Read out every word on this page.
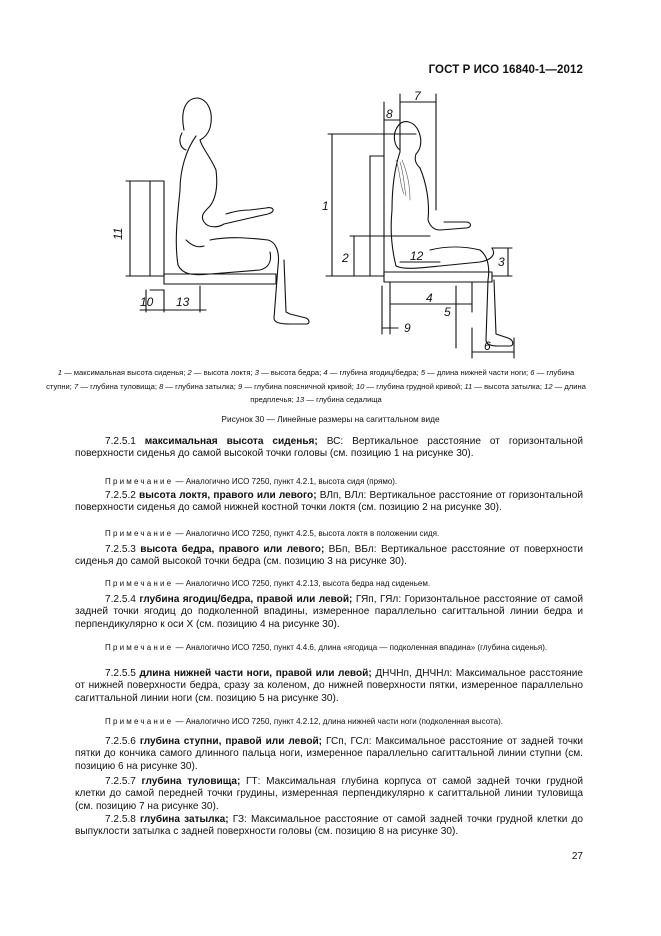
ГОСТ Р ИСО 16840-1—2012
11
10 13
7
8
1
2	12	3
4
5
9
6
1 — максимальная высота сиденья; 2 — высота локтя; 3 — высота бедра; 4 — глубина ягодиц/бедра; 5 — длина нижней части ноги; 6 — глубина ступни; 7 — глубина туловища; 8 — глубина затылка; 9 — глубина поясничной кривой; 10 — глубина грудной кривой; 11 — высота затылка; 12 — длина предплечья; 13 — глубина седалища
Рисунок 30 — Линейные размеры на сагиттальном виде
7.2.5.1 максимальная высота сиденья; ВС: Вертикальное расстояние от горизонтальной поверхности сиденья до самой высокой точки головы (см. позицию 1 на рисунке 30).
Примечание — Аналогично ИСО 7250, пункт 4.2.1, высота сидя (прямо).
7.2.5.2 высота локтя, правого или левого; ВЛп, ВЛл: Вертикальное расстояние от горизонтальной поверхности сиденья до самой нижней костной точки локтя (см. позицию 2 на рисунке 30).
Примечание — Аналогично ИСО 7250, пункт 4.2.5, высота локтя в положении сидя.
7.2.5.3 высота бедра, правого или левого; ВБп, ВБл: Вертикальное расстояние от поверхности сиденья до самой высокой точки бедра (см. позицию 3 на рисунке 30).
Примечание — Аналогично ИСО 7250, пункт 4.2.13, высота бедра над сиденьем.
7.2.5.4 глубина ягодиц/бедра, правой или левой; ГЯп, ГЯл: Горизонтальное расстояние от самой задней точки ягодиц до подколенной впадины, измеренное параллельно сагиттальной линии бедра и перпендикулярно к оси X (см. позицию 4 на рисунке 30).
Примечание — Аналогично ИСО 7250, пункт 4.4.6, длина «ягодица — подколенная впадина» (глубина сиденья).
7.2.5.5 длина нижней части ноги, правой или левой; ДНЧНп, ДНЧНл: Максимальное расстояние от нижней поверхности бедра, сразу за коленом, до нижней поверхности пятки, измеренное параллельно сагиттальной линии ноги (см. позицию 5 на рисунке 30).
Примечание — Аналогично ИСО 7250, пункт 4.2.12, длина нижней части ноги (подколенная высота).
7.2.5.6 глубина ступни, правой или левой; ГСп, ГСл: Максимальное расстояние от задней точки пятки до кончика самого длинного пальца ноги, измеренное параллельно сагиттальной линии ступни (см. позицию 6 на рисунке 30).
7.2.5.7 глубина туловища; ГТ: Максимальная глубина корпуса от самой задней точки грудной клетки до самой передней точки грудины, измеренная перпендикулярно к сагиттальной линии туловища (см. позицию 7 на рисунке 30).
7.2.5.8 глубина затылка; ГЗ: Максимальное расстояние от самой задней точки грудной клетки до выпуклости затылка с задней поверхности головы (см. позицию 8 на рисунке 30).
27
